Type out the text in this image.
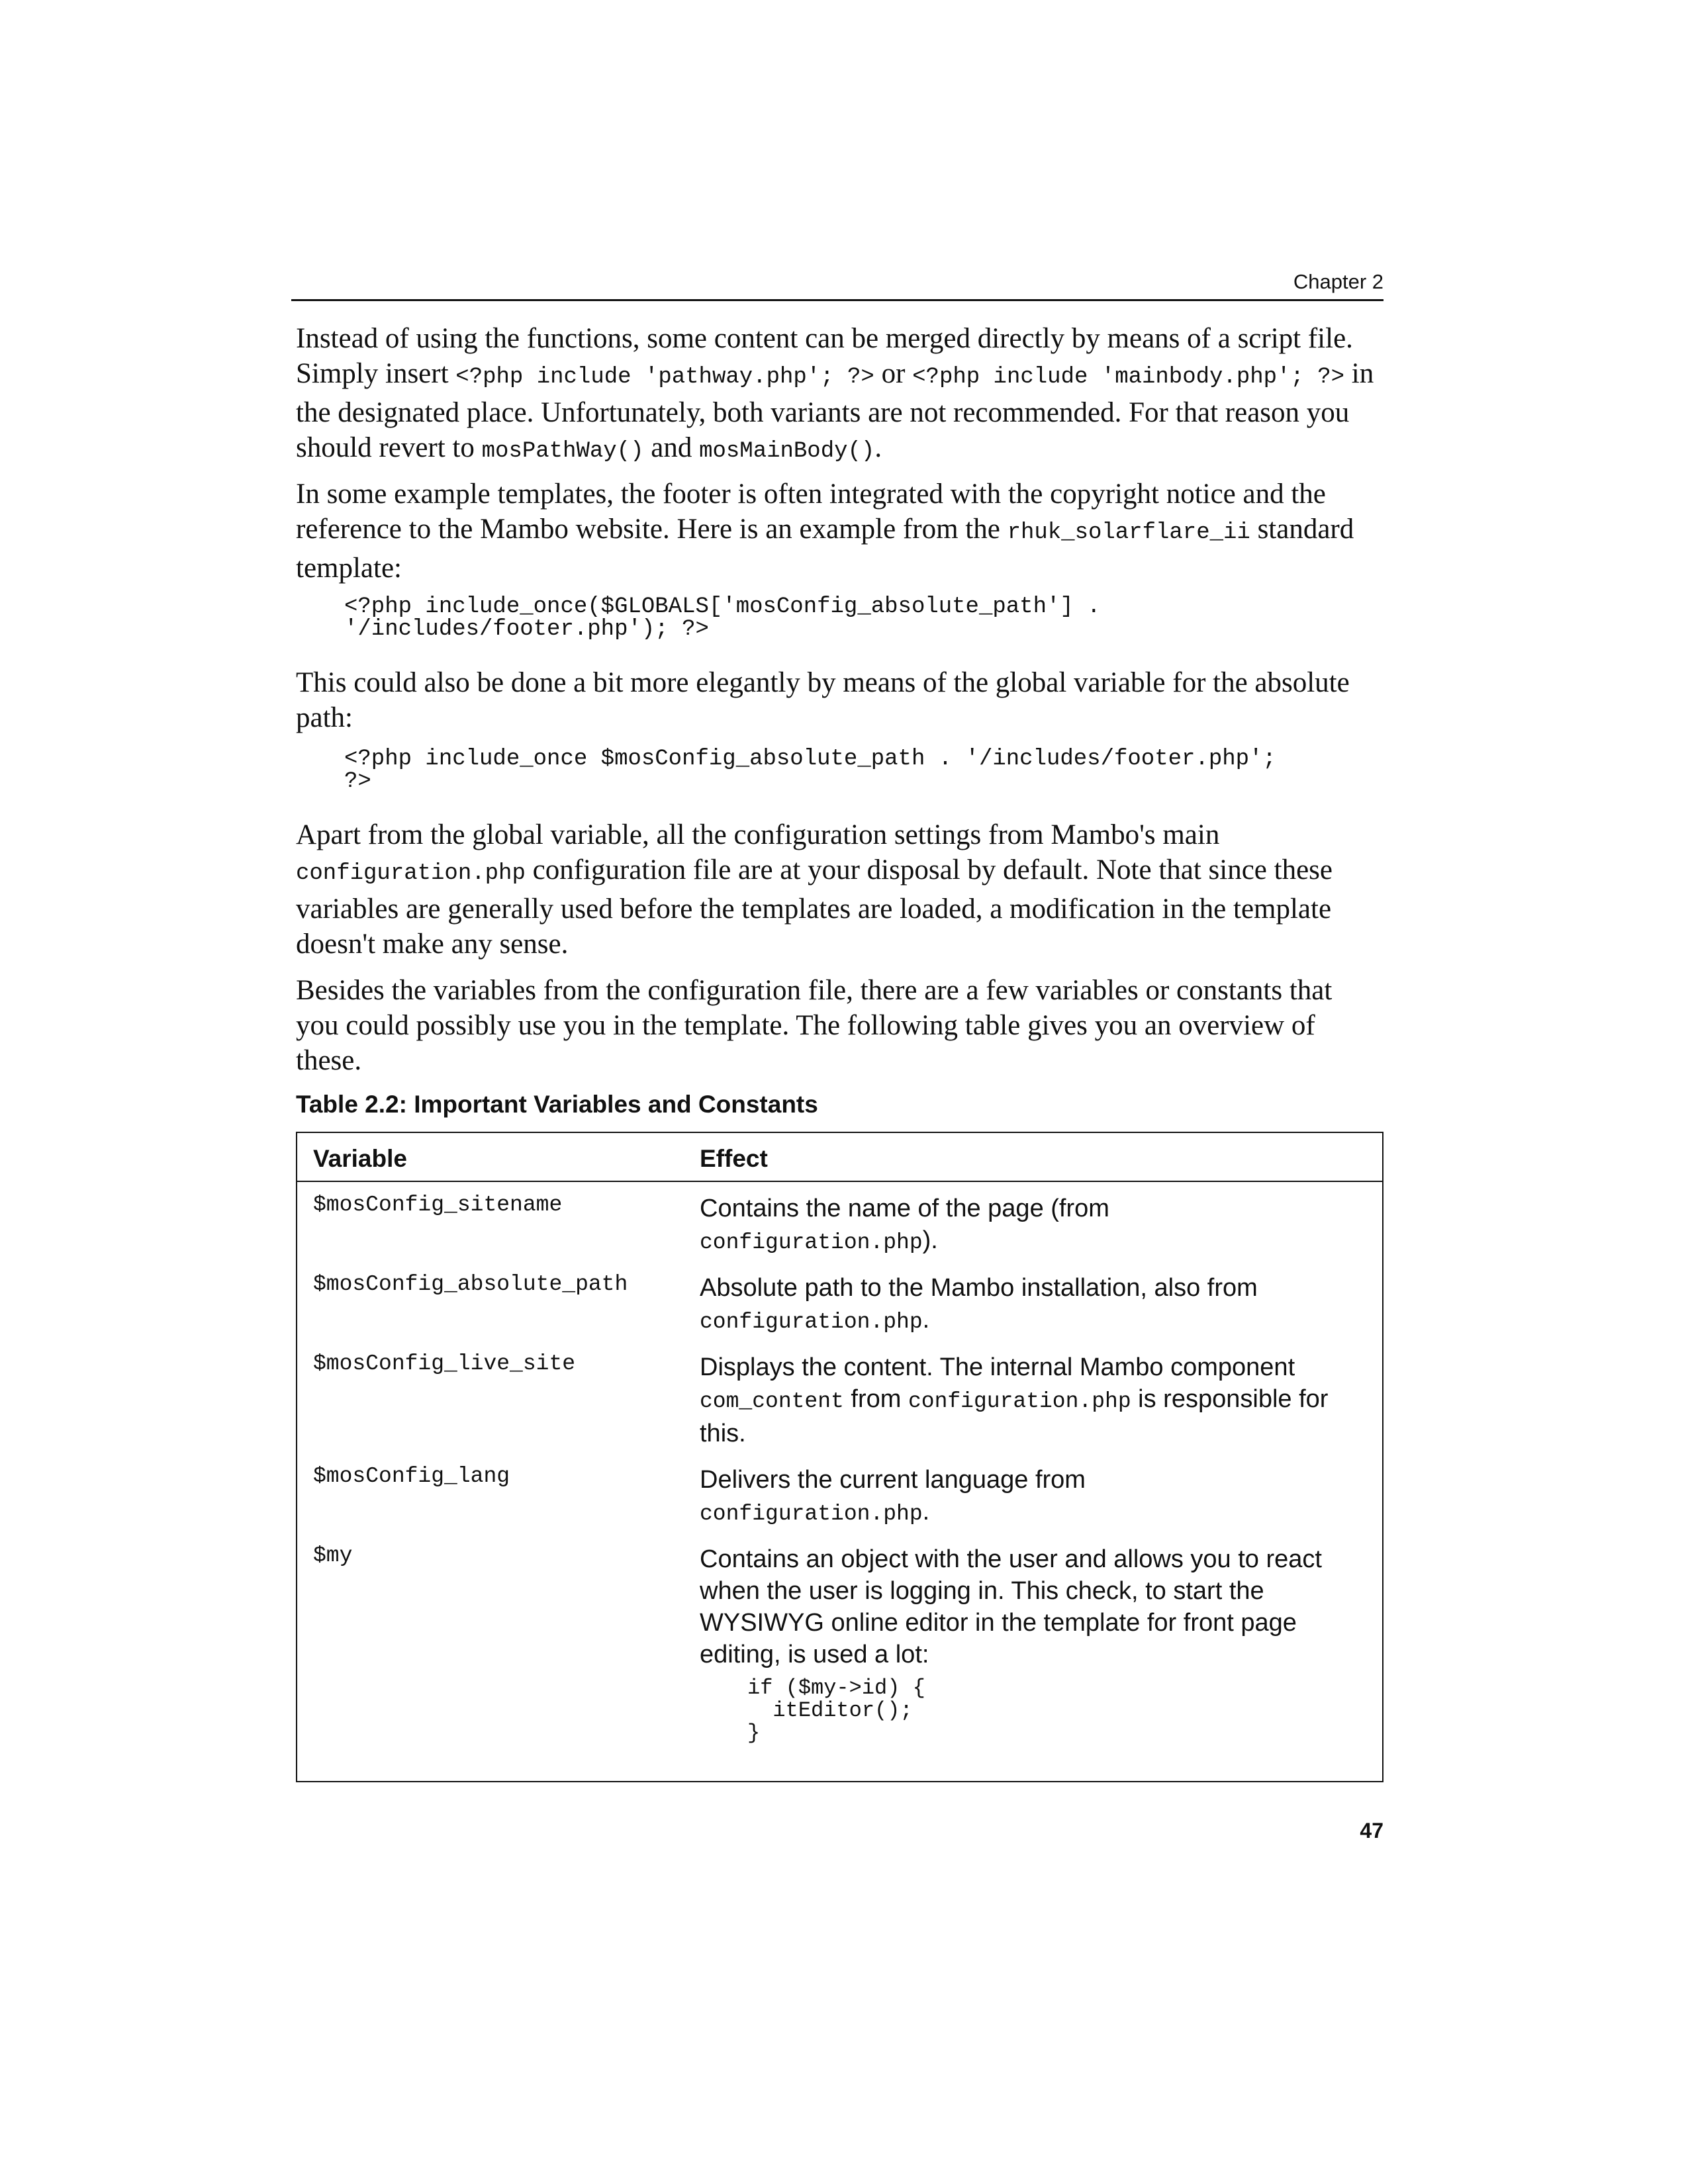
Chapter 2

Instead of using the functions, some content can be merged directly by means of a script file. Simply insert <?php include 'pathway.php'; ?> or <?php include 'mainbody.php'; ?> in the designated place. Unfortunately, both variants are not recommended. For that reason you should revert to mosPathWay() and mosMainBody().

In some example templates, the footer is often integrated with the copyright notice and the reference to the Mambo website. Here is an example from the rhuk_solarflare_ii standard template:

<?php include_once($GLOBALS['mosConfig_absolute_path'] .
'/includes/footer.php'); ?>

This could also be done a bit more elegantly by means of the global variable for the absolute path:

<?php include_once $mosConfig_absolute_path . '/includes/footer.php';
?>

Apart from the global variable, all the configuration settings from Mambo's main configuration.php configuration file are at your disposal by default. Note that since these variables are generally used before the templates are loaded, a modification in the template doesn't make any sense.

Besides the variables from the configuration file, there are a few variables or constants that you could possibly use you in the template. The following table gives you an overview of these.

Table 2.2: Important Variables and Constants
Variable	Effect
$mosConfig_sitename	Contains the name of the page (from
configuration.php).
$mosConfig_absolute_path	Absolute path to the Mambo installation, also from
configuration.php.
$mosConfig_live_site	Displays the content. The internal Mambo component com_content from configuration.php is responsible for this.
$mosConfig_lang	Delivers the current language from
configuration.php.
$my	Contains an object with the user and allows you to react when the user is logging in. This check, to start the WYSIWYG online editor in the template for front page editing, is used a lot:
if ($my->id) {
itEditor();
}
47
